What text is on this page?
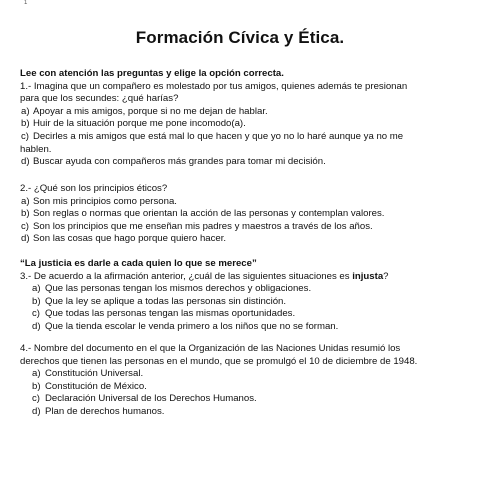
1
Formación Cívica y Ética.
Lee con atención las preguntas y elige la opción correcta.
1.- Imagina que un compañero es molestado por tus amigos, quienes además te presionan
para que los secundes: ¿qué harías?
a) Apoyar a mis amigos, porque si no me dejan de hablar.
b) Huir de la situación porque me pone incomodo(a).
c) Decirles a mis amigos que está mal lo que hacen y que yo no lo haré aunque ya no me
hablen.
d) Buscar ayuda con compañeros más grandes para tomar mi decisión.
2.- ¿Qué son los principios éticos?
a) Son mis principios como persona.
b) Son reglas o normas que orientan la acción de las personas y contemplan valores.
c) Son los principios que me enseñan mis padres y maestros a través de los años.
d) Son las cosas que hago porque quiero hacer.
“La justicia es darle a cada quien lo que se merece”
3.- De acuerdo a la afirmación anterior, ¿cuál de las siguientes situaciones es injusta?
a) Que las personas tengan los mismos derechos y obligaciones.
b) Que la ley se aplique a todas las personas sin distinción.
c) Que todas las personas tengan las mismas oportunidades.
d) Que la tienda escolar le venda primero a los niños que no se forman.
4.- Nombre del documento en el que la Organización de las Naciones Unidas resumió los
derechos que tienen las personas en el mundo, que se promulgó el 10 de diciembre de 1948.
a) Constitución Universal.
b) Constitución de México.
c) Declaración Universal de los Derechos Humanos.
d) Plan de derechos humanos.
